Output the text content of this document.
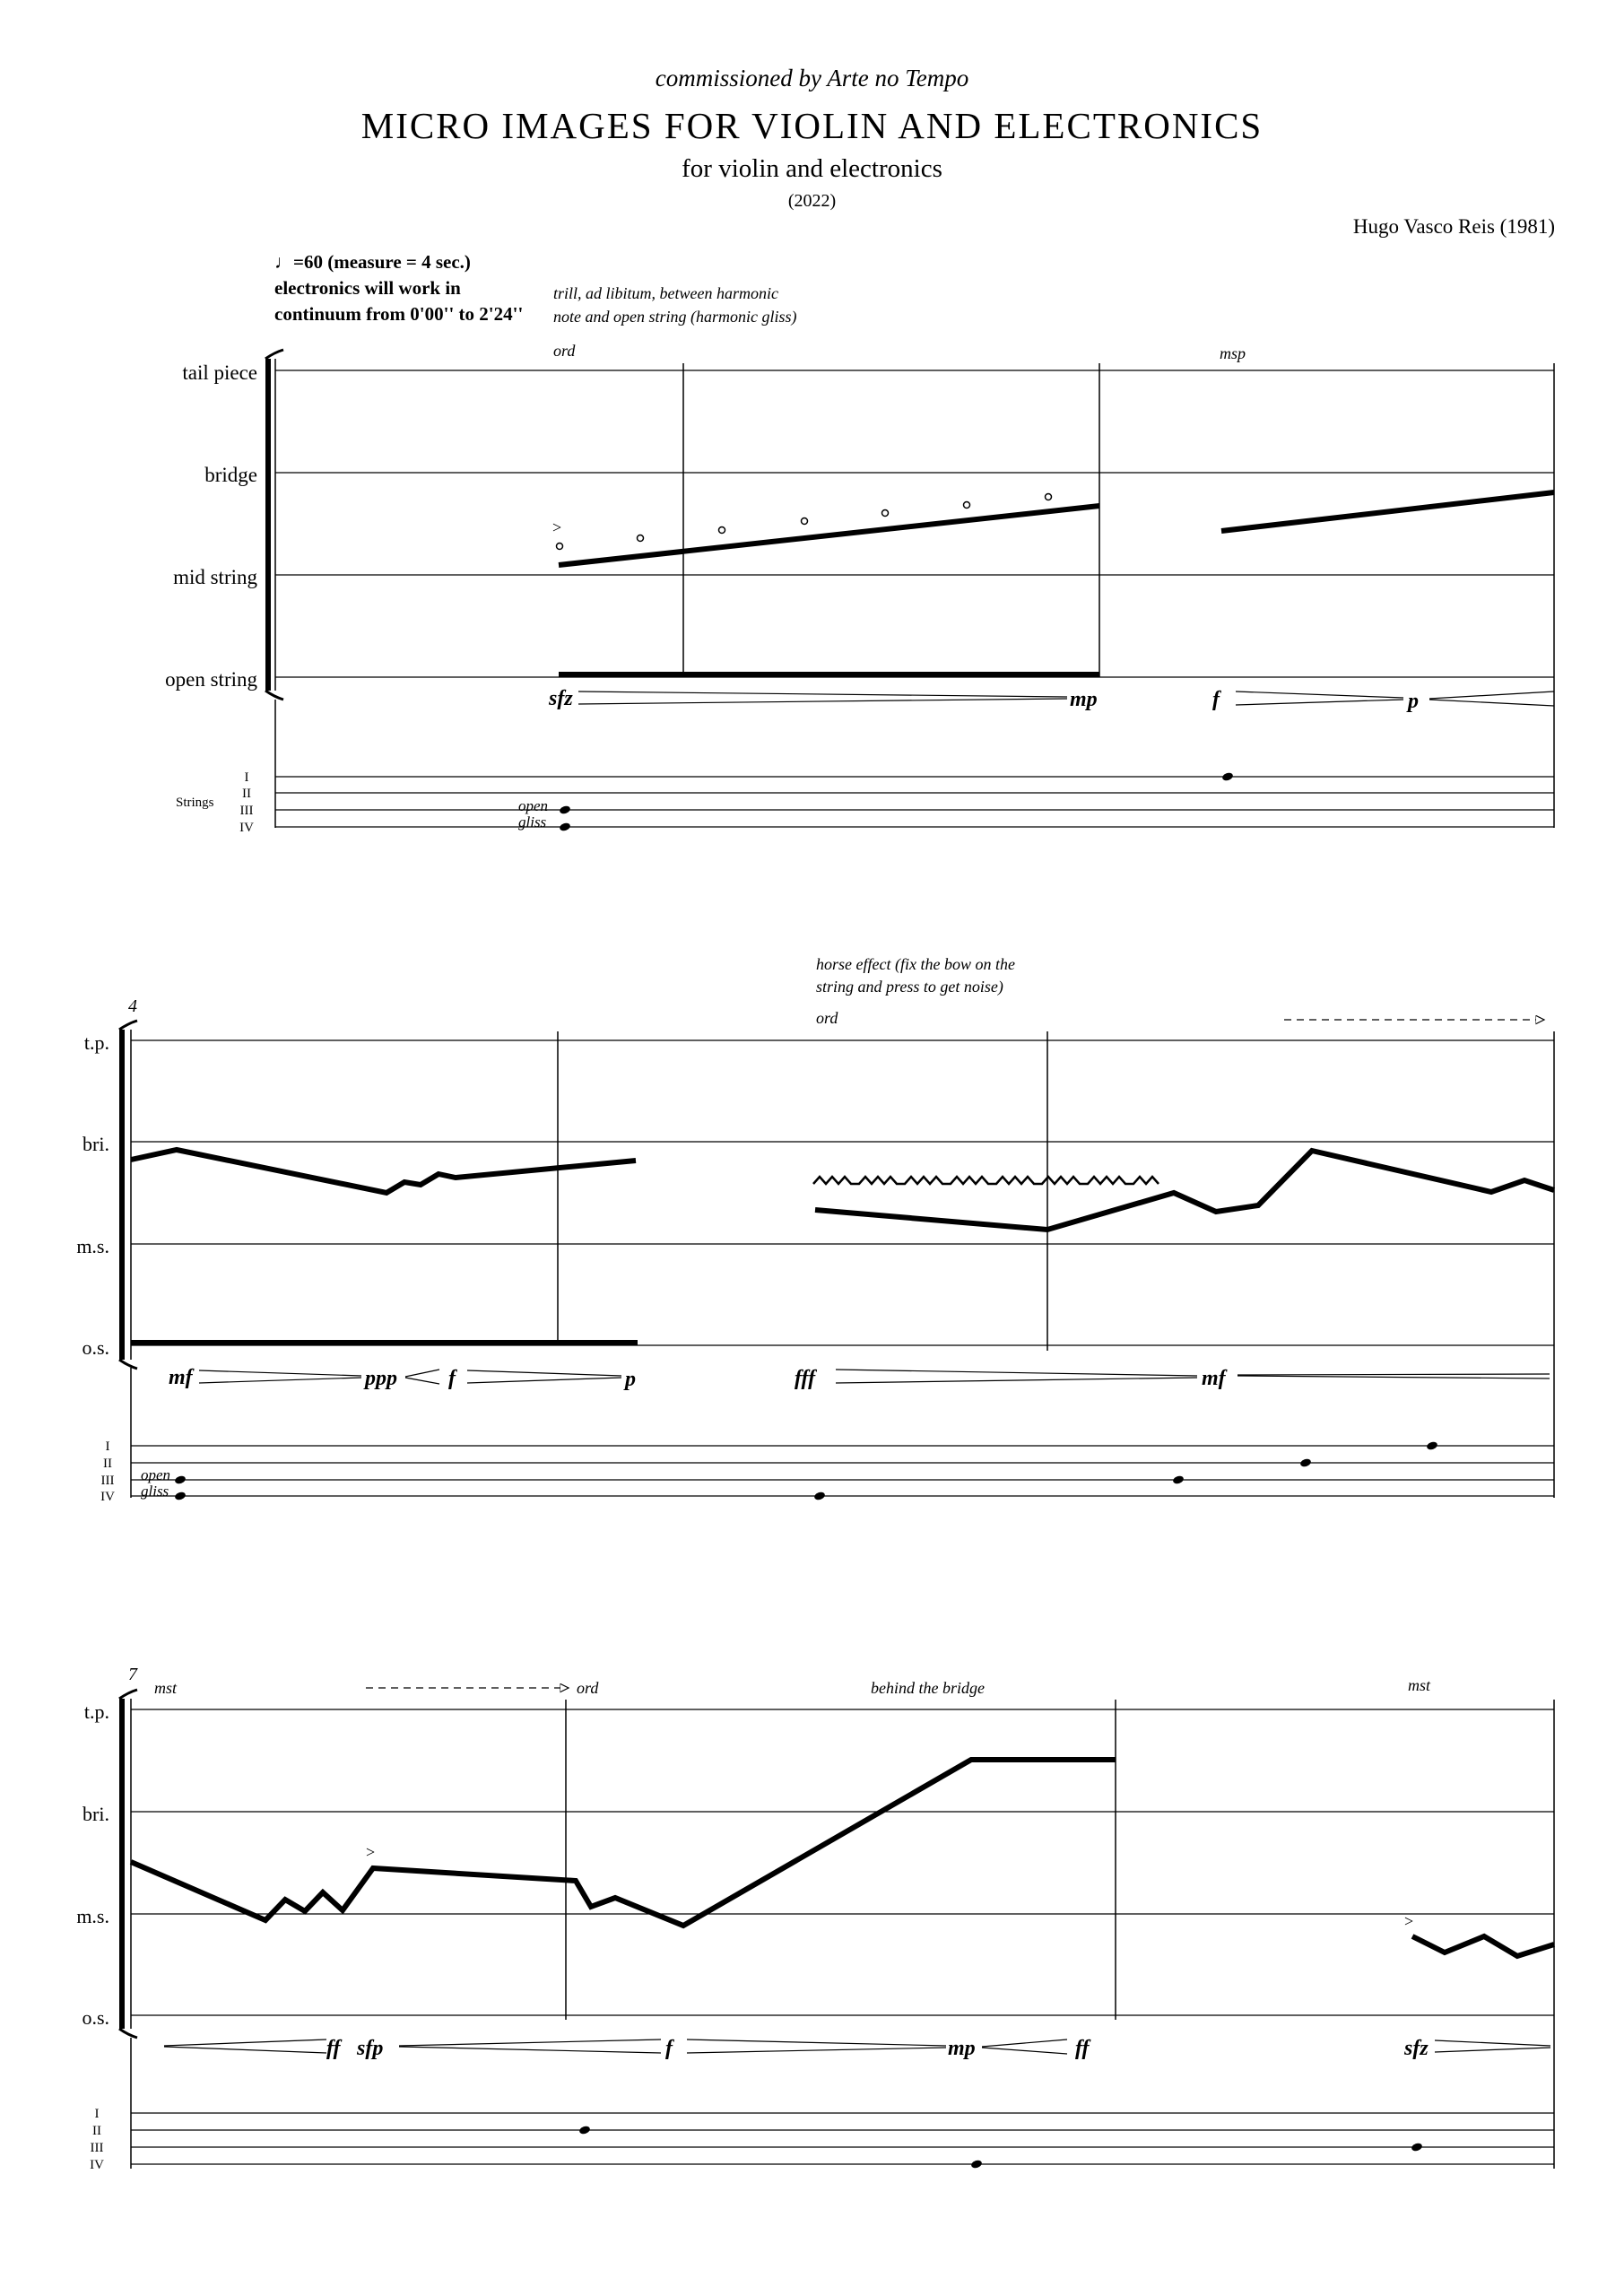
commissioned by Arte no Tempo
MICRO IMAGES FOR VIOLIN AND ELECTRONICS
for violin and electronics
(2022)
Hugo Vasco Reis (1981)
♩=60 (measure = 4 sec.)
electronics will work in
continuum from 0'00'' to 2'24''
tail piece
bridge
mid string
open string
trill, ad libitum, between harmonic
note and open string (harmonic gliss)
ord	msp
>
sfz	mp	f	p
Strings
I
II
III
IV
open
gliss
4
t.p.
bri.
m.s.
o.s.
horse effect (fix the bow on the
string and press to get noise)
ord
mf	ppp f	p	fff	mf
I
II
III
IV
open
gliss
7
t.p.
bri.
m.s.
o.s.
mst	ord	behind the bridge	mst
>
>
ff sfp	f	mp	ff	sfz
I
II
III
IV
